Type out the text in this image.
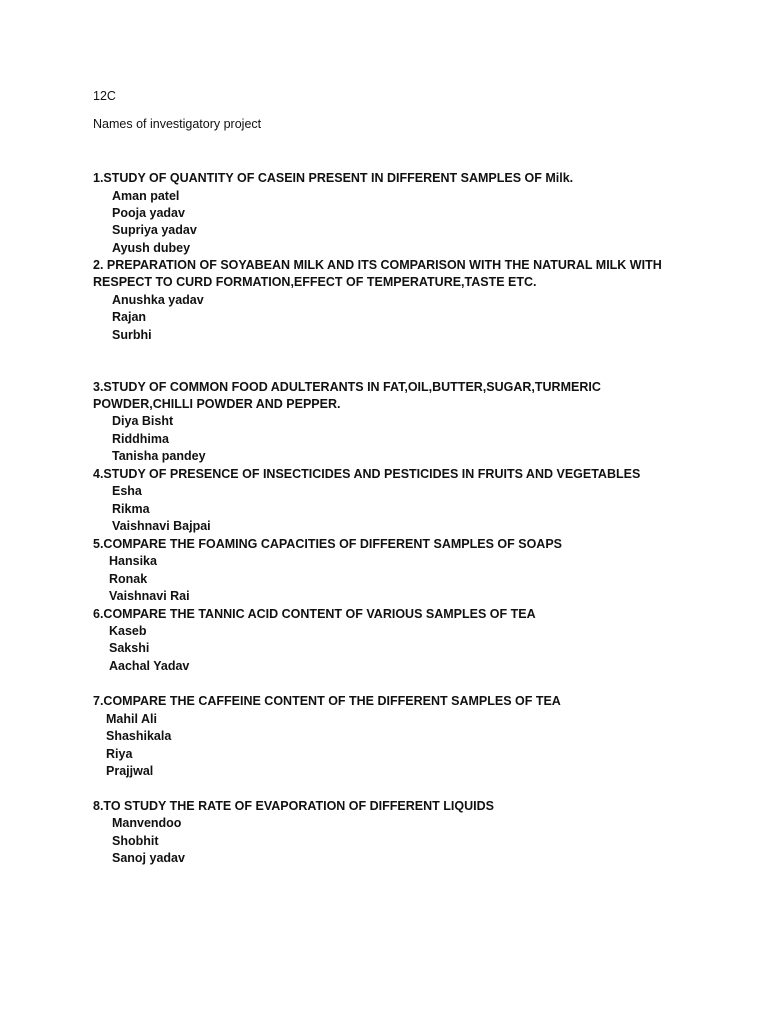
12C
Names of investigatory project
1.STUDY OF QUANTITY OF CASEIN PRESENT IN DIFFERENT SAMPLES OF Milk.
Aman patel
Pooja yadav
Supriya yadav
Ayush dubey
2. PREPARATION OF SOYABEAN MILK AND ITS COMPARISON WITH THE NATURAL MILK WITH
RESPECT TO CURD FORMATION,EFFECT OF TEMPERATURE,TASTE ETC.
Anushka yadav
Rajan
Surbhi
3.STUDY OF COMMON FOOD ADULTERANTS IN FAT,OIL,BUTTER,SUGAR,TURMERIC
POWDER,CHILLI POWDER AND PEPPER.
Diya Bisht
Riddhima
Tanisha pandey
4.STUDY OF PRESENCE OF INSECTICIDES AND PESTICIDES IN FRUITS AND VEGETABLES
Esha
Rikma
Vaishnavi Bajpai
5.COMPARE THE FOAMING CAPACITIES OF DIFFERENT SAMPLES OF SOAPS
Hansika
Ronak
Vaishnavi Rai
6.COMPARE THE TANNIC ACID CONTENT OF VARIOUS SAMPLES OF TEA
Kaseb
Sakshi
Aachal Yadav
7.COMPARE THE CAFFEINE CONTENT OF THE DIFFERENT SAMPLES OF TEA
Mahil Ali
Shashikala
Riya
Prajjwal
8.TO STUDY THE RATE OF EVAPORATION OF DIFFERENT LIQUIDS
Manvendoo
Shobhit
Sanoj yadav
